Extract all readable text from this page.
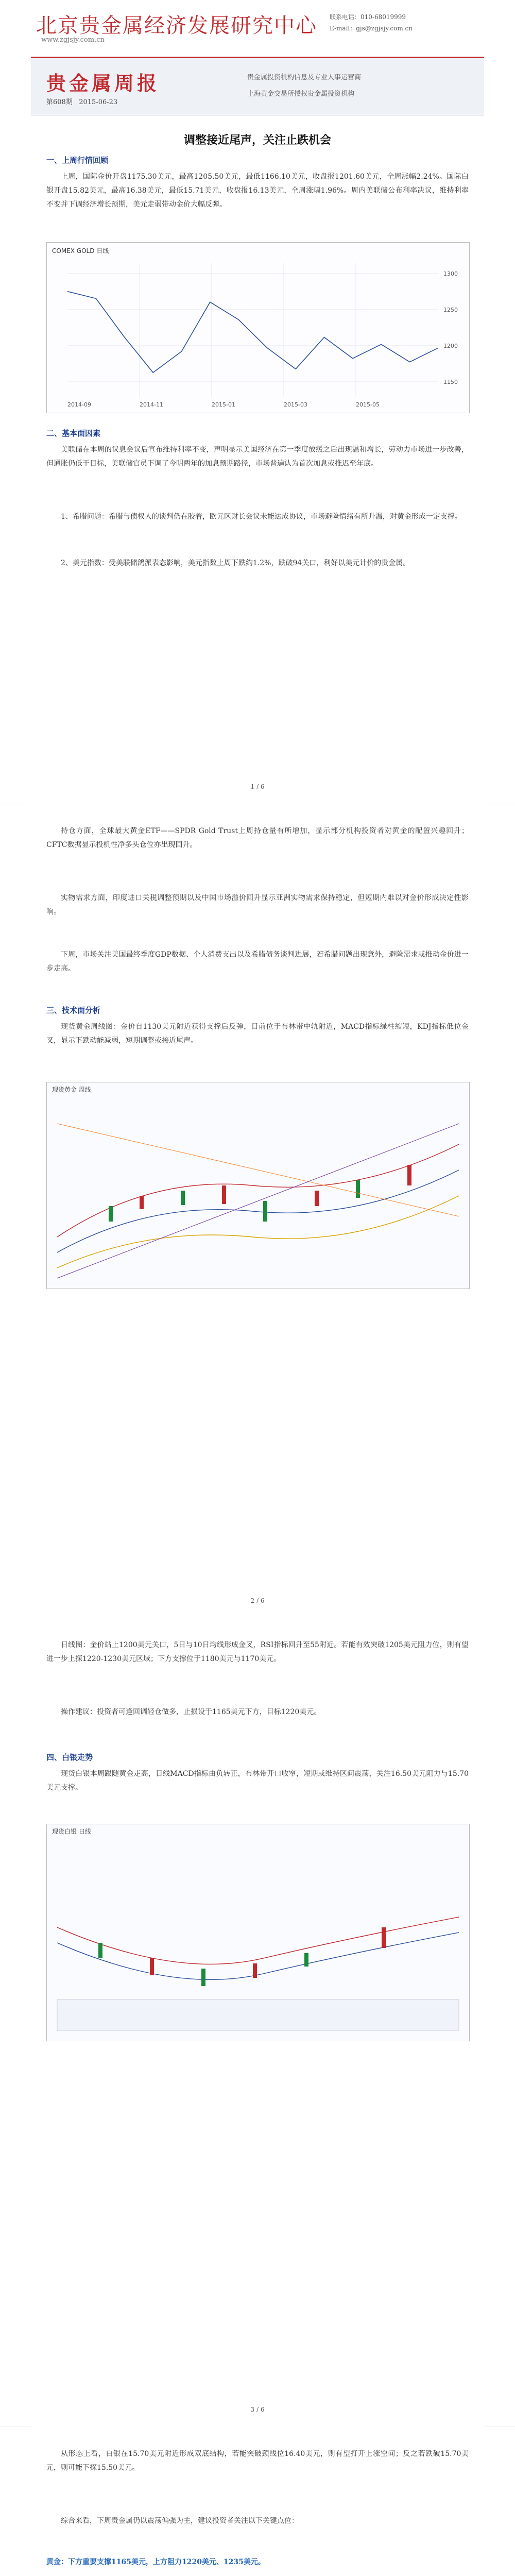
北京贵金属经济发展研究中心
www.zgjsjy.com.cn
联系电话：010-68019999
E-mail：gjs@zgjsjy.com.cn
贵金属周报
第608期 2015-06-23
贵金属投资机构信息及专业人事运营商
上海黄金交易所授权贵金属投资机构
调整接近尾声，关注止跌机会
一、上周行情回顾
上周，国际金价开盘1175.30美元，最高1205.50美元，最低1166.10美元，收盘报1201.60美元，全周涨幅2.24%。国际白银开盘15.82美元，最高16.38美元，最低15.71美元，收盘报16.13美元，全周涨幅1.96%。周内美联储公布利率决议，维持利率不变并下调经济增长预期，美元走弱带动金价大幅反弹。
COMEX GOLD 日线
1300
1250
1200
1150
2014-09	2014-11	2015-01	2015-03	2015-05
二、基本面因素
美联储在本周的议息会议后宣布维持利率不变，声明显示美国经济在第一季度放缓之后出现温和增长，劳动力市场进一步改善，但通胀仍低于目标，美联储官员下调了今明两年的加息预期路径，市场普遍认为首次加息或推迟至年底。
1、希腊问题：希腊与债权人的谈判仍在胶着，欧元区财长会议未能达成协议，市场避险情绪有所升温，对黄金形成一定支撑。
2、美元指数：受美联储鸽派表态影响，美元指数上周下跌约1.2%，跌破94关口，利好以美元计价的贵金属。
1 / 6
持仓方面，全球最大黄金ETF——SPDR Gold Trust上周持仓量有所增加，显示部分机构投资者对黄金的配置兴趣回升；CFTC数据显示投机性净多头仓位亦出现回升。
实物需求方面，印度进口关税调整预期以及中国市场溢价回升显示亚洲实物需求保持稳定，但短期内难以对金价形成决定性影响。
下周，市场关注美国最终季度GDP数据、个人消费支出以及希腊债务谈判进展，若希腊问题出现意外，避险需求或推动金价进一步走高。
三、技术面分析
现货黄金周线图：金价自1130美元附近获得支撑后反弹，目前位于布林带中轨附近，MACD指标绿柱缩短，KDJ指标低位金叉，显示下跌动能减弱，短期调整或接近尾声。
现货黄金 周线
2 / 6
日线图：金价站上1200美元关口，5日与10日均线形成金叉，RSI指标回升至55附近。若能有效突破1205美元阻力位，则有望进一步上探1220-1230美元区域；下方支撑位于1180美元与1170美元。
操作建议：投资者可逢回调轻仓做多，止损设于1165美元下方，目标1220美元。
四、白银走势
现货白银本周跟随黄金走高，日线MACD指标由负转正，布林带开口收窄，短期或维持区间震荡，关注16.50美元阻力与15.70美元支撑。
现货白银 日线
3 / 6
从形态上看，白银在15.70美元附近形成双底结构，若能突破颈线位16.40美元，则有望打开上涨空间；反之若跌破15.70美元，则可能下探15.50美元。
综合来看，下周贵金属仍以震荡偏强为主，建议投资者关注以下关键点位：
黄金：下方重要支撑1165美元，上方阻力1220美元、1235美元。
